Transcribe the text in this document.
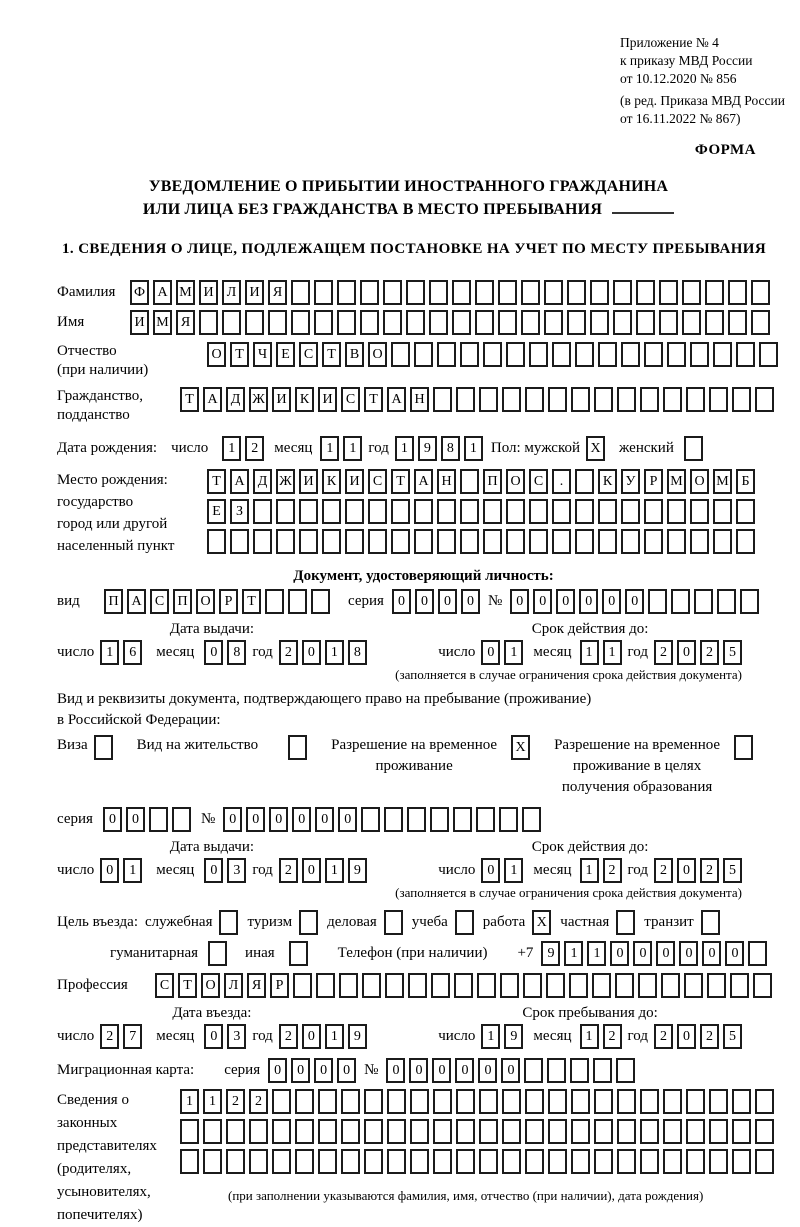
Приложение № 4
к приказу МВД России
от 10.12.2020 № 856
(в ред. Приказа МВД России
от 16.11.2022 № 867)
ФОРМА
УВЕДОМЛЕНИЕ О ПРИБЫТИИ ИНОСТРАННОГО ГРАЖДАНИНА
ИЛИ ЛИЦА БЕЗ ГРАЖДАНСТВА В МЕСТО ПРЕБЫВАНИЯ
1. СВЕДЕНИЯ О ЛИЦЕ, ПОДЛЕЖАЩЕМ ПОСТАНОВКЕ НА УЧЕТ ПО МЕСТУ ПРЕБЫВАНИЯ
Фамилия	Ф А М И Л И Я
Имя	И М Я
Отчество
(при наличии)
О Т	Ч	Е	С	Т	В О
Гражданство,
подданство
Т А Д Ж И К И С	Т А Н
Дата рождения: число	1	2	месяц	1	1 год 1	9	8	1 Пол: мужской X женский
Место рождения:
государство
город или другой
населенный пункт
Т А Д Ж И К И С	Т А Н	П О С	.	К У	Р М О М Б
Е	З
Документ, удостоверяющий личность:
вид	П А С П О	Р	Т	серия	0	0	0	0 №	0	0	0	0	0	0
Дата выдачи:
число 1	6	месяц	0	8 год 2	0	1	8
Срок действия до:
число 0	1	месяц	1	1 год 2	0	2	5
(заполняется в случае ограничения срока действия документа)
Вид и реквизиты документа, подтверждающего право на пребывание (проживание)
в Российской Федерации:
Виза	Вид на жительство	Разрешение на временное
проживание
X Разрешение на временное
проживание в целях
получения образования
серия	0	0	№	0	0	0	0	0	0
Дата выдачи:
число 0	1	месяц	0	3 год 2	0	1	9
Срок действия до:
число 0	1	месяц	1	2 год 2	0	2	5
(заполняется в случае ограничения срока действия документа)
Цель въезда: служебная туризм деловая учеба работа X частная транзит
гуманитарная	иная	Телефон (при наличии) +7	9	1	1	0	0	0	0	0	0
Профессия	С	Т О Л Я	Р
Дата въезда:
число 2	7	месяц	0	3 год 2	0	1	9
Срок пребывания до:
число 1	9	месяц	1	2 год 2	0	2	5
Миграционная карта: серия	0	0	0	0 №	0	0	0	0	0	0
Сведения о
законных
представителях
(родителях,
усыновителях,
попечителях)
1	1	2	2
(при заполнении указываются фамилия, имя, отчество (при наличии), дата рождения)
